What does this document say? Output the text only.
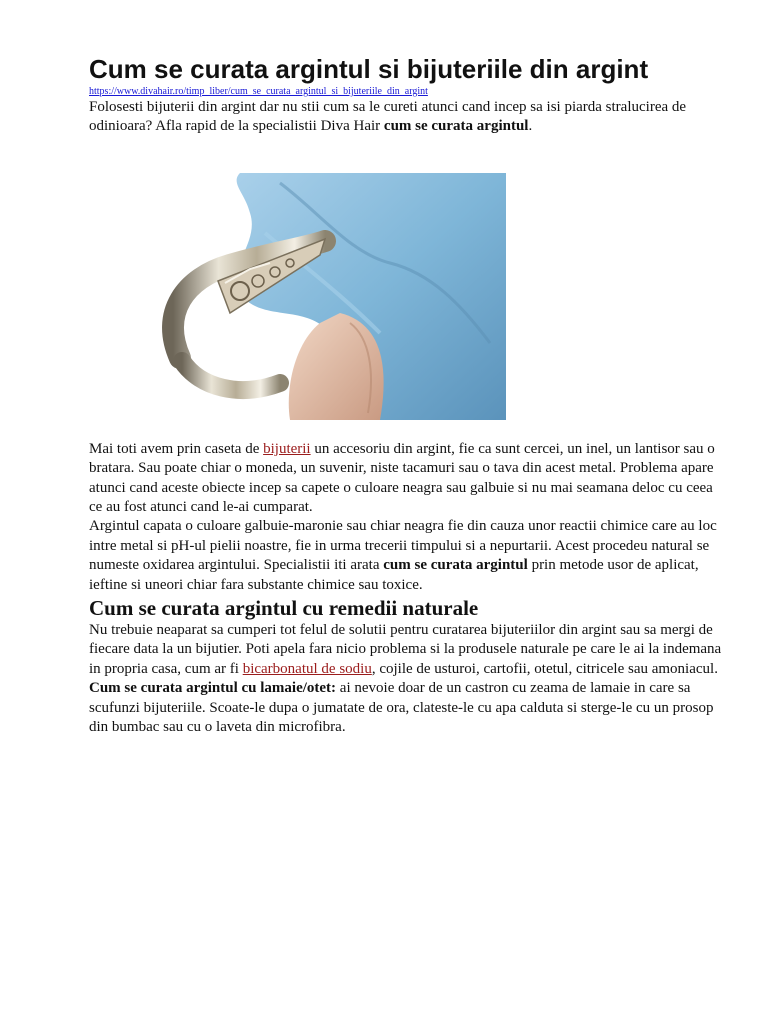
Cum se curata argintul si bijuteriile din argint
https://www.divahair.ro/timp_liber/cum_se_curata_argintul_si_bijuteriile_din_argint

Folosesti bijuterii din argint dar nu stii cum sa le cureti atunci cand incep sa isi piarda stralucirea de odinioara? Afla rapid de la specialistii Diva Hair cum se curata argintul.

Mai toti avem prin caseta de bijuterii un accesoriu din argint, fie ca sunt cercei, un inel, un lantisor sau o bratara. Sau poate chiar o moneda, un suvenir, niste tacamuri sau o tava din acest metal. Problema apare atunci cand aceste obiecte incep sa capete o culoare neagra sau galbuie si nu mai seamana deloc cu ceea ce au fost atunci cand le-ai cumparat.

Argintul capata o culoare galbuie-maronie sau chiar neagra fie din cauza unor reactii chimice care au loc intre metal si pH-ul pielii noastre, fie in urma trecerii timpului si a nepurtarii. Acest procedeu natural se numeste oxidarea argintului. Specialistii iti arata cum se curata argintul prin metode usor de aplicat, ieftine si uneori chiar fara substante chimice sau toxice.

Cum se curata argintul cu remedii naturale

Nu trebuie neaparat sa cumperi tot felul de solutii pentru curatarea bijuteriilor din argint sau sa mergi de fiecare data la un bijutier. Poti apela fara nicio problema si la produsele naturale pe care le ai la indemana in propria casa, cum ar fi bicarbonatul de sodiu, cojile de usturoi, cartofii, otetul, citricele sau amoniacul.

Cum se curata argintul cu lamaie/otet: ai nevoie doar de un castron cu zeama de lamaie in care sa scufunzi bijuteriile. Scoate-le dupa o jumatate de ora, clateste-le cu apa calduta si sterge-le cu un prosop din bumbac sau cu o laveta din microfibra.
